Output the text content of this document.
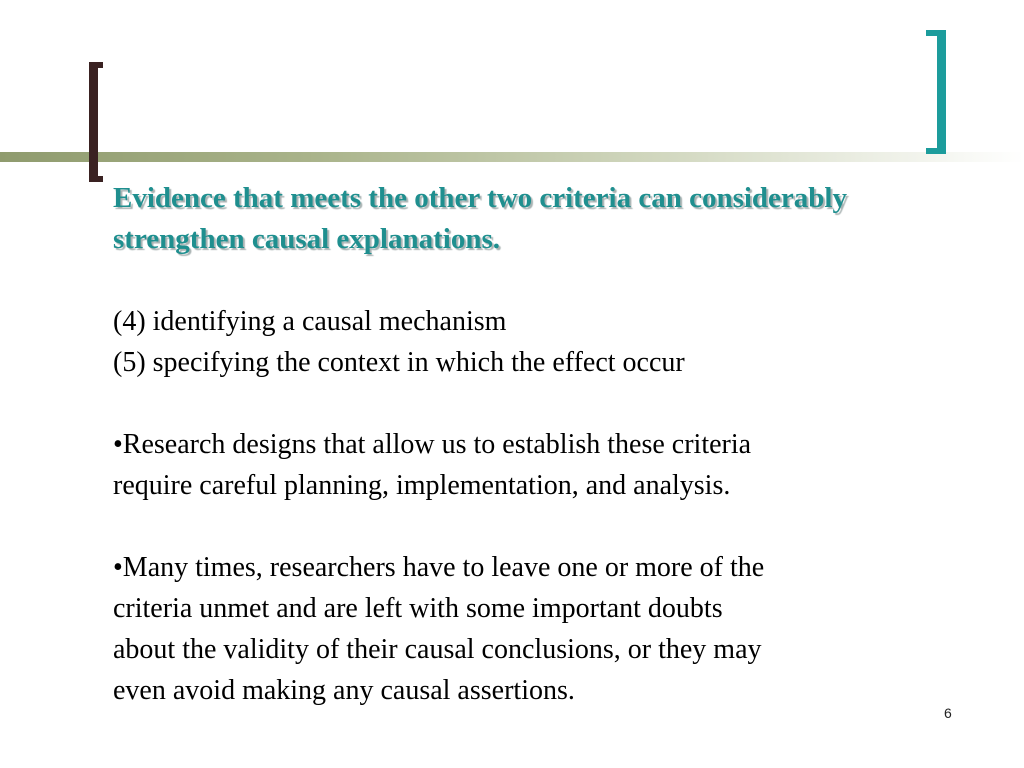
Evidence that meets the other two criteria can considerably

strengthen causal explanations.

(4) identifying a causal mechanism

(5) specifying the context in which the effect occur

•Research designs that allow us to establish these criteria

require careful planning, implementation, and analysis.

•Many times, researchers have to leave one or more of the

criteria unmet and are left with some important doubts

about the validity of their causal conclusions, or they may

even avoid making any causal assertions.

6
